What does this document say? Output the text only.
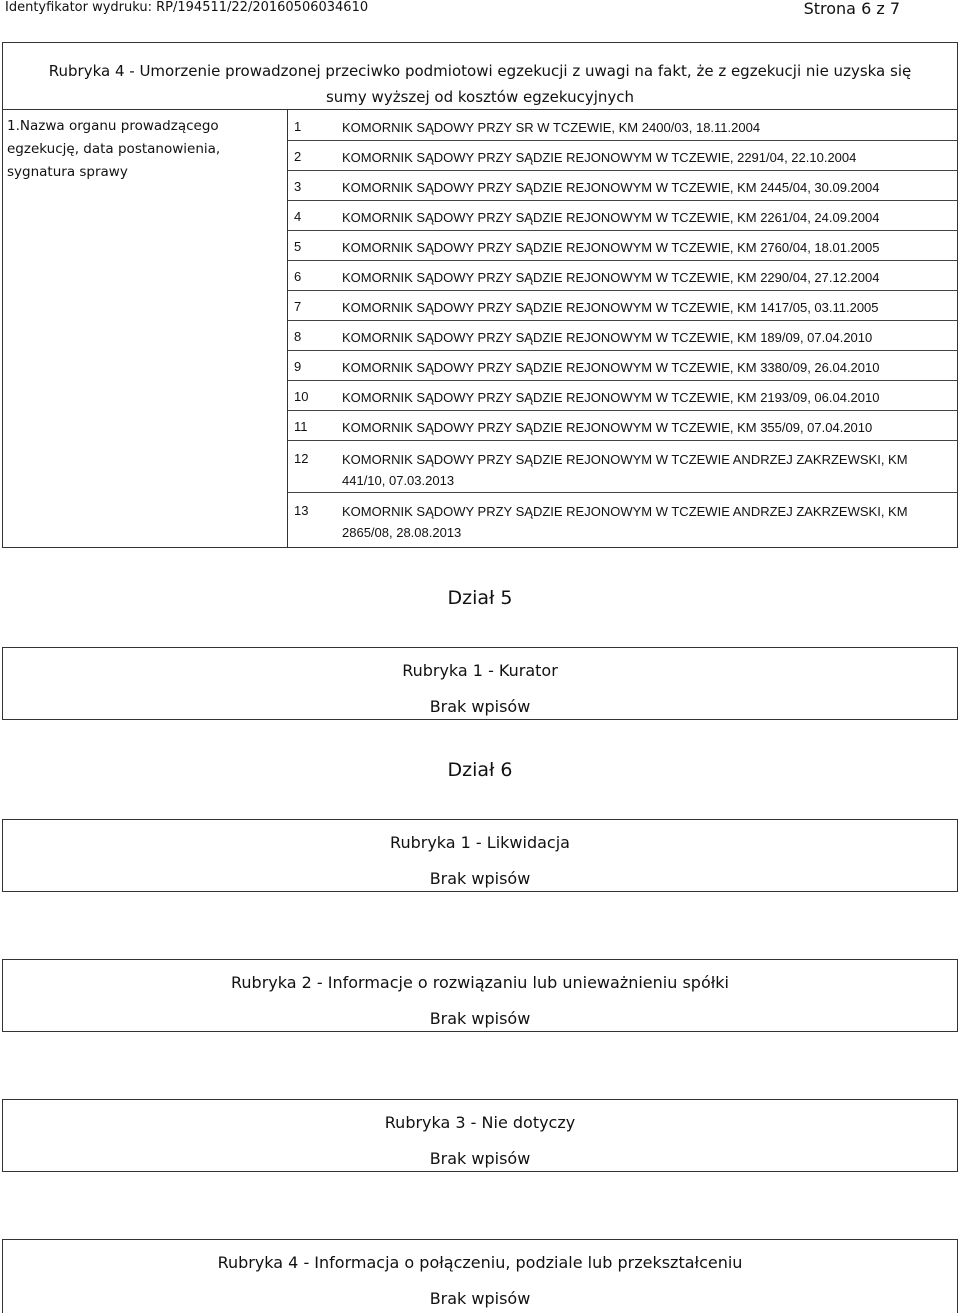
Identyfikator wydruku: RP/194511/22/20160506034610	Strona 6 z 7
Rubryka 4 - Umorzenie prowadzonej przeciwko podmiotowi egzekucji z uwagi na fakt, że z egzekucji nie uzyska się
sumy wyższej od kosztów egzekucyjnych
1.Nazwa organu prowadzącego egzekucję, data postanowienia, sygnatura sprawy
1	KOMORNIK SĄDOWY PRZY SR W TCZEWIE, KM 2400/03, 18.11.2004
2	KOMORNIK SĄDOWY PRZY SĄDZIE REJONOWYM W TCZEWIE, 2291/04, 22.10.2004
3	KOMORNIK SĄDOWY PRZY SĄDZIE REJONOWYM W TCZEWIE, KM 2445/04, 30.09.2004
4	KOMORNIK SĄDOWY PRZY SĄDZIE REJONOWYM W TCZEWIE, KM 2261/04, 24.09.2004
5	KOMORNIK SĄDOWY PRZY SĄDZIE REJONOWYM W TCZEWIE, KM 2760/04, 18.01.2005
6	KOMORNIK SĄDOWY PRZY SĄDZIE REJONOWYM W TCZEWIE, KM 2290/04, 27.12.2004
7	KOMORNIK SĄDOWY PRZY SĄDZIE REJONOWYM W TCZEWIE, KM 1417/05, 03.11.2005
8	KOMORNIK SĄDOWY PRZY SĄDZIE REJONOWYM W TCZEWIE, KM 189/09, 07.04.2010
9	KOMORNIK SĄDOWY PRZY SĄDZIE REJONOWYM W TCZEWIE, KM 3380/09, 26.04.2010
10	KOMORNIK SĄDOWY PRZY SĄDZIE REJONOWYM W TCZEWIE, KM 2193/09, 06.04.2010
11	KOMORNIK SĄDOWY PRZY SĄDZIE REJONOWYM W TCZEWIE, KM 355/09, 07.04.2010
12	KOMORNIK SĄDOWY PRZY SĄDZIE REJONOWYM W TCZEWIE ANDRZEJ ZAKRZEWSKI, KM 441/10, 07.03.2013
13	KOMORNIK SĄDOWY PRZY SĄDZIE REJONOWYM W TCZEWIE ANDRZEJ ZAKRZEWSKI, KM 2865/08, 28.08.2013
Dział 5
Rubryka 1 - Kurator
Brak wpisów
Dział 6
Rubryka 1 - Likwidacja
Brak wpisów
Rubryka 2 - Informacje o rozwiązaniu lub unieważnieniu spółki
Brak wpisów
Rubryka 3 - Nie dotyczy
Brak wpisów
Rubryka 4 - Informacja o połączeniu, podziale lub przekształceniu
Brak wpisów
